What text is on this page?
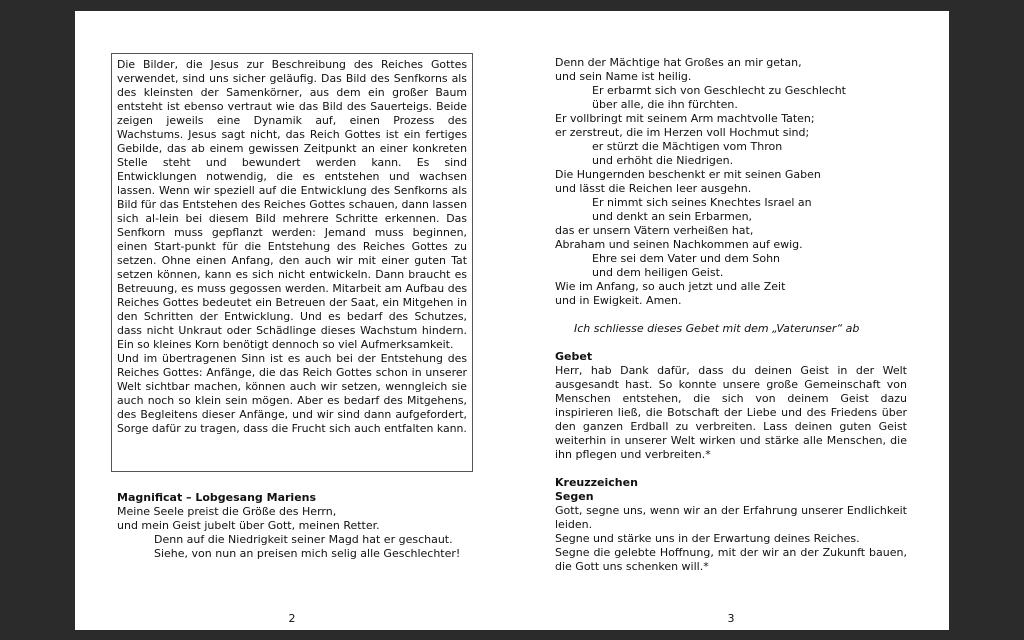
Die Bilder, die Jesus zur Beschreibung des Reiches Gottes verwendet, sind uns sicher geläufig. Das Bild des Senfkorns als des kleinsten der Samenkörner, aus dem ein großer Baum entsteht ist ebenso vertraut wie das Bild des Sauerteigs. Beide zeigen jeweils eine Dynamik auf, einen Prozess des Wachstums. Jesus sagt nicht, das Reich Gottes ist ein fertiges Gebilde, das ab einem gewissen Zeitpunkt an einer konkreten Stelle steht und bewundert werden kann. Es sind Entwicklungen notwendig, die es entstehen und wachsen lassen. Wenn wir speziell auf die Entwicklung des Senfkorns als Bild für das Entstehen des Reiches Gottes schauen, dann lassen sich al-lein bei diesem Bild mehrere Schritte erkennen. Das Senfkorn muss gepflanzt werden: Jemand muss beginnen, einen Start-punkt für die Entstehung des Reiches Gottes zu setzen. Ohne einen Anfang, den auch wir mit einer guten Tat setzen können, kann es sich nicht entwickeln. Dann braucht es Betreuung, es muss gegossen werden. Mitarbeit am Aufbau des Reiches Gottes bedeutet ein Betreuen der Saat, ein Mitgehen in den Schritten der Entwicklung. Und es bedarf des Schutzes, dass nicht Unkraut oder Schädlinge dieses Wachstum hindern. Ein so kleines Korn benötigt dennoch so viel Aufmerksamkeit.

Und im übertragenen Sinn ist es auch bei der Entstehung des Reiches Gottes: Anfänge, die das Reich Gottes schon in unserer Welt sichtbar machen, können auch wir setzen, wenngleich sie auch noch so klein sein mögen. Aber es bedarf des Mitgehens, des Begleitens dieser Anfänge, und wir sind dann aufgefordert, Sorge dafür zu tragen, dass die Frucht sich auch entfalten kann.

Magnificat – Lobgesang Mariens
Meine Seele preist die Größe des Herrn,
und mein Geist jubelt über Gott, meinen Retter.
Denn auf die Niedrigkeit seiner Magd hat er geschaut.
Siehe, von nun an preisen mich selig alle Geschlechter!
2
Denn der Mächtige hat Großes an mir getan,
und sein Name ist heilig.
Er erbarmt sich von Geschlecht zu Geschlecht
über alle, die ihn fürchten.
Er vollbringt mit seinem Arm machtvolle Taten;
er zerstreut, die im Herzen voll Hochmut sind;
er stürzt die Mächtigen vom Thron
und erhöht die Niedrigen.
Die Hungernden beschenkt er mit seinen Gaben
und lässt die Reichen leer ausgehn.
Er nimmt sich seines Knechtes Israel an
und denkt an sein Erbarmen,
das er unsern Vätern verheißen hat,
Abraham und seinen Nachkommen auf ewig.
Ehre sei dem Vater und dem Sohn
und dem heiligen Geist.
Wie im Anfang, so auch jetzt und alle Zeit
und in Ewigkeit. Amen.
Ich schliesse dieses Gebet mit dem „Vaterunser“ ab
Gebet
Herr, hab Dank dafür, dass du deinen Geist in der Welt ausgesandt hast. So konnte unsere große Gemeinschaft von Menschen entstehen, die sich von deinem Geist dazu inspirieren ließ, die Botschaft der Liebe und des Friedens über den ganzen Erdball zu verbreiten. Lass deinen guten Geist weiterhin in unserer Welt wirken und stärke alle Menschen, die ihn pflegen und verbreiten.*
Kreuzzeichen
Segen
Gott, segne uns, wenn wir an der Erfahrung unserer Endlichkeit leiden.
Segne und stärke uns in der Erwartung deines Reiches.
Segne die gelebte Hoffnung, mit der wir an der Zukunft bauen, die Gott uns schenken will.*
3
